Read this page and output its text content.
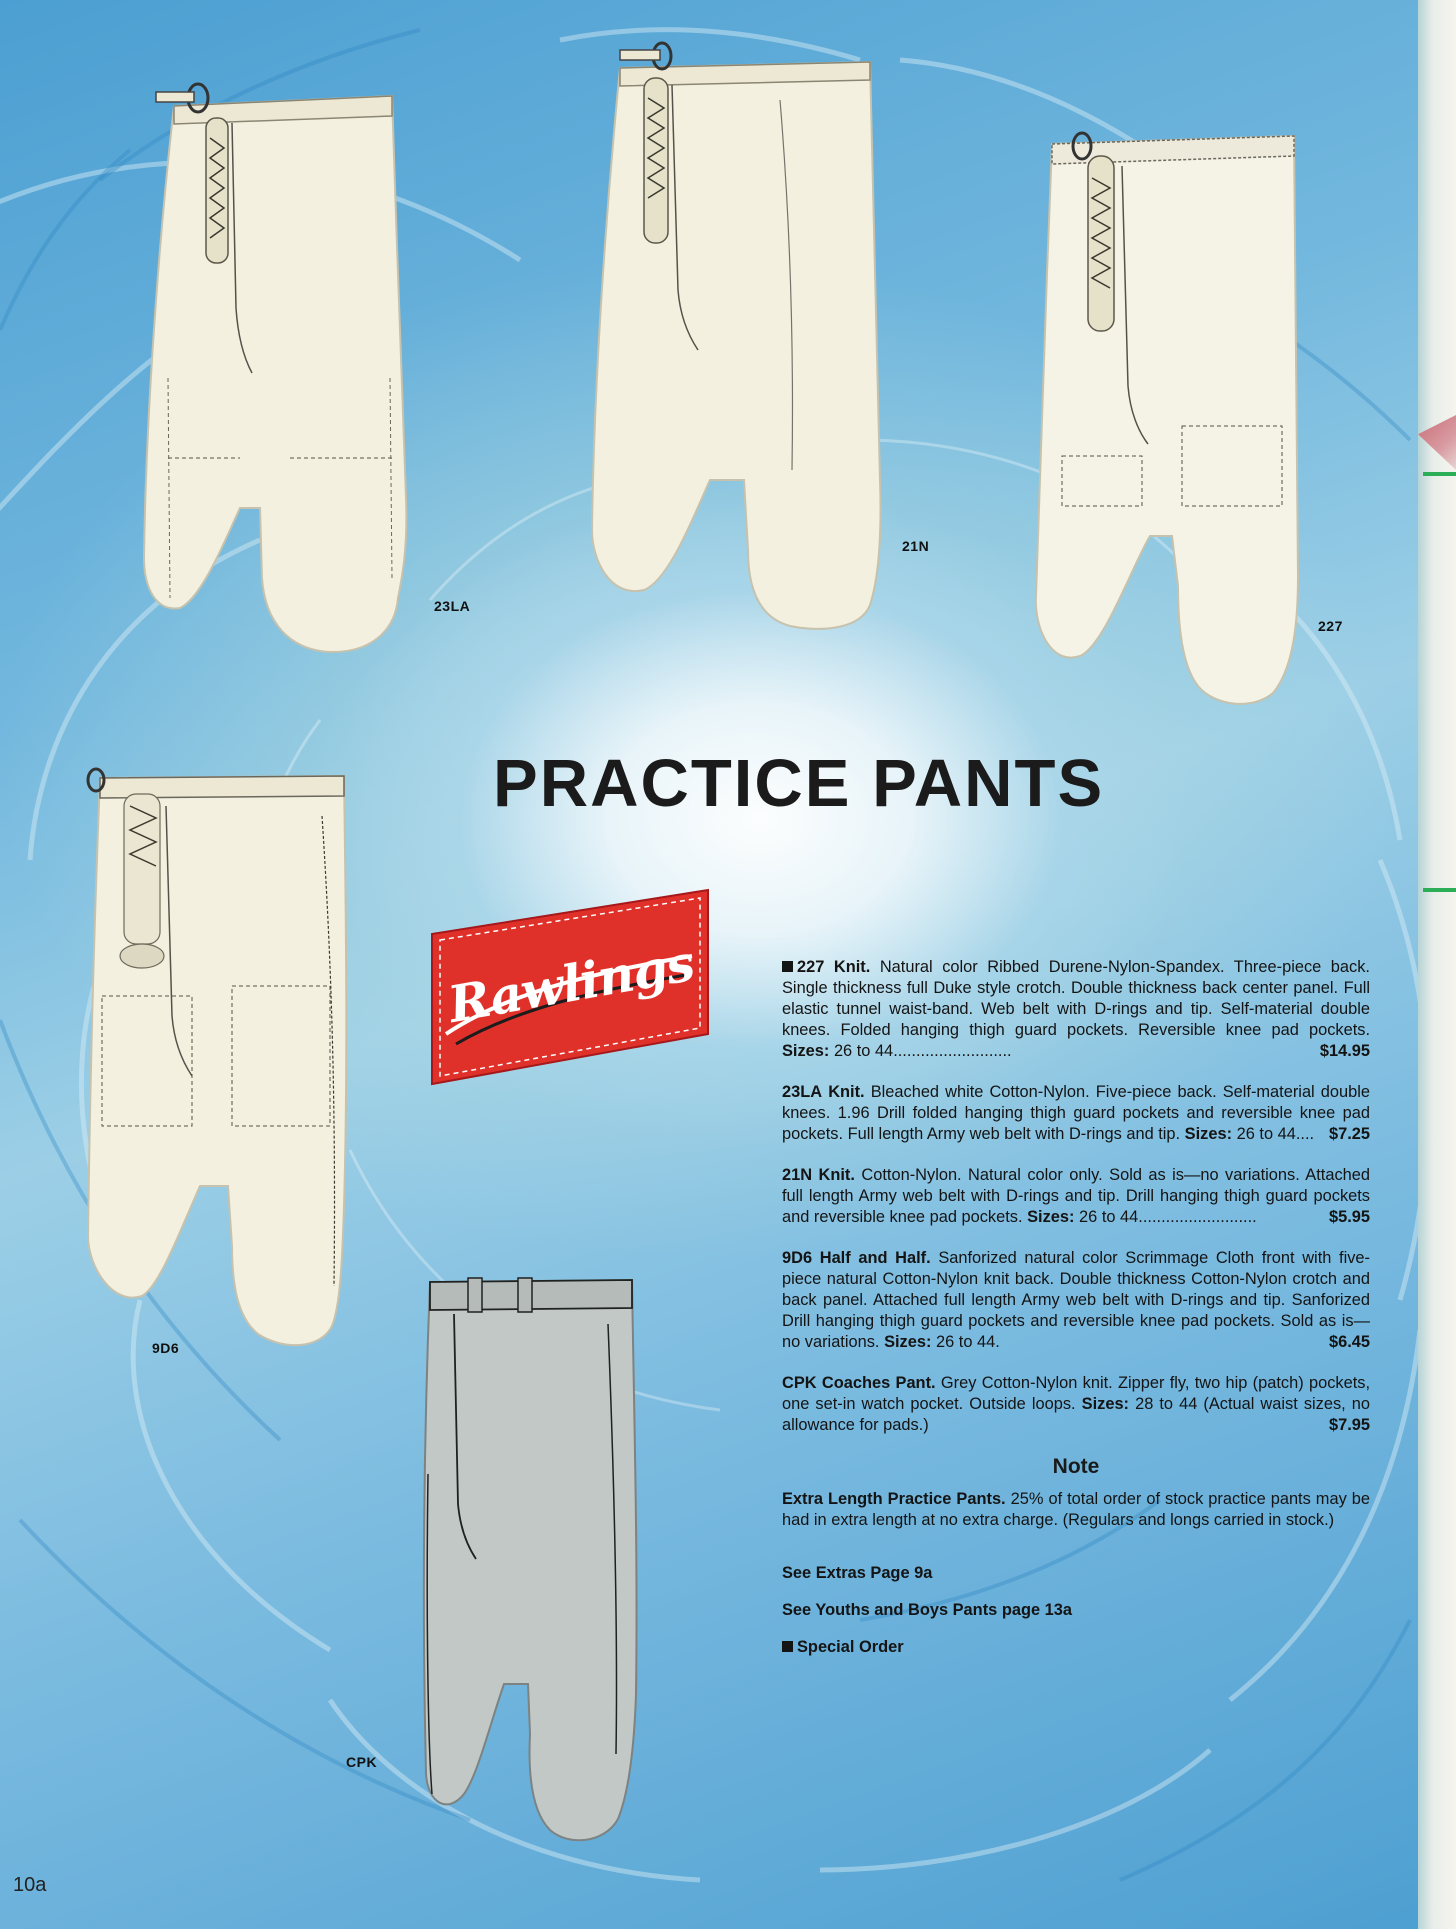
23LA
21N
227
9D6
CPK
PRACTICE PANTS
Rawlings	227 Knit. Natural color Ribbed Durene-Nylon-Spandex. Three-piece back. Single thickness full Duke style crotch. Double thickness back center panel. Full elastic tunnel waist-band. Web belt with D-rings and tip. Self-material double knees. Folded hanging thigh guard pockets. Reversible knee pad pockets. Sizes: 26 to 44..........................	$14.95
23LA Knit. Bleached white Cotton-Nylon. Five-piece back. Self-material double knees. 1.96 Drill folded hanging thigh guard pockets and reversible knee pad pockets. Full length Army web belt with D-rings and tip. Sizes: 26 to 44.... $7.25
21N Knit. Cotton-Nylon. Natural color only. Sold as is—no variations. Attached full length Army web belt with D-rings and tip. Drill hanging thigh guard pockets and reversible knee pad pockets. Sizes: 26 to 44..........................	$5.95
9D6 Half and Half. Sanforized natural color Scrimmage Cloth front with five-piece natural Cotton-Nylon knit back. Double thickness Cotton-Nylon crotch and back panel. Attached full length Army web belt with D-rings and tip. Sanforized Drill hanging thigh guard pockets and reversible knee pad pockets. Sold as is—no variations. Sizes: 26 to 44.	$6.45
CPK Coaches Pant. Grey Cotton-Nylon knit. Zipper fly, two hip (patch) pockets, one set-in watch pocket. Outside loops. Sizes: 28 to 44 (Actual waist sizes, no allowance for pads.)	$7.95
Note
Extra Length Practice Pants. 25% of total order of stock practice pants may be had in extra length at no extra charge. (Regulars and longs carried in stock.)
See Extras Page 9a
See Youths and Boys Pants page 13a
Special Order
10a
